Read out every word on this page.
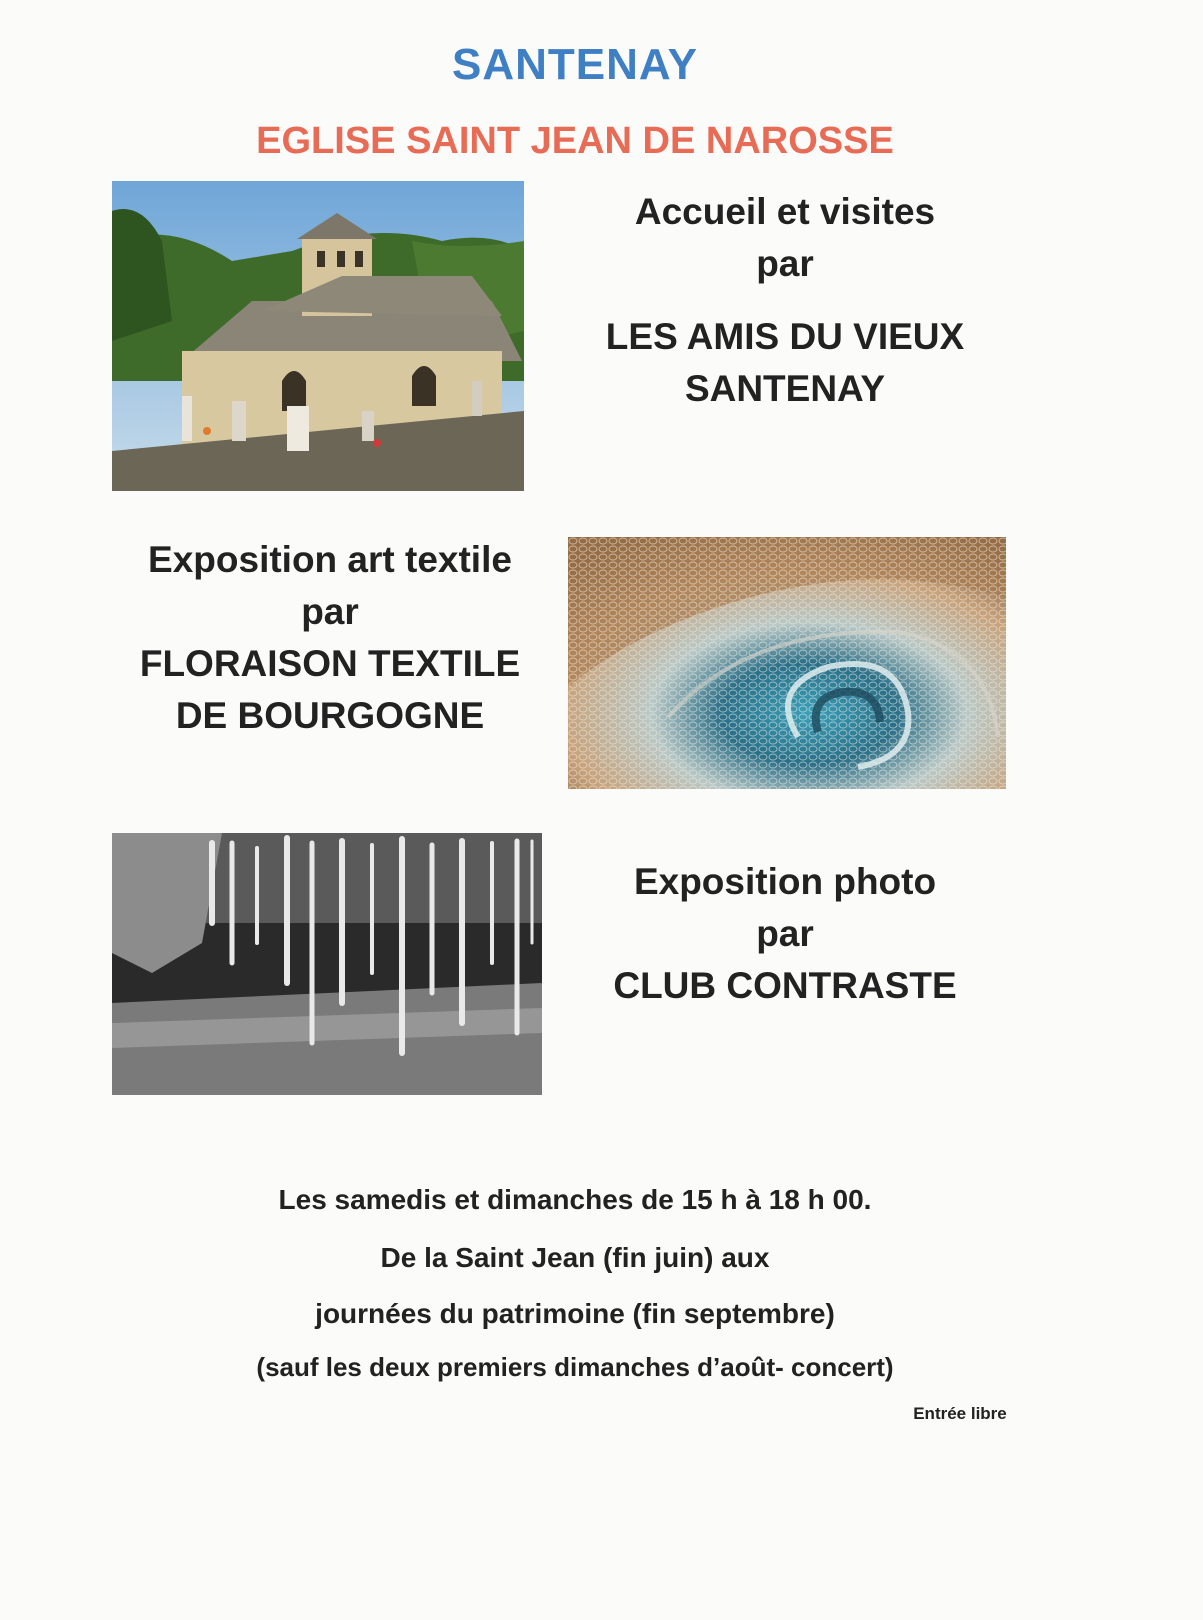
SANTENAY
EGLISE SAINT JEAN DE NAROSSE
Accueil et visites
par
LES AMIS DU VIEUX
SANTENAY
Exposition art textile
par
FLORAISON TEXTILE
DE BOURGOGNE
Exposition photo
par
CLUB CONTRASTE
Les samedis et dimanches de 15 h à 18 h 00.
De la Saint Jean (fin juin) aux
journées du patrimoine (fin septembre)
(sauf les deux premiers dimanches d’août- concert)
Entrée libre
